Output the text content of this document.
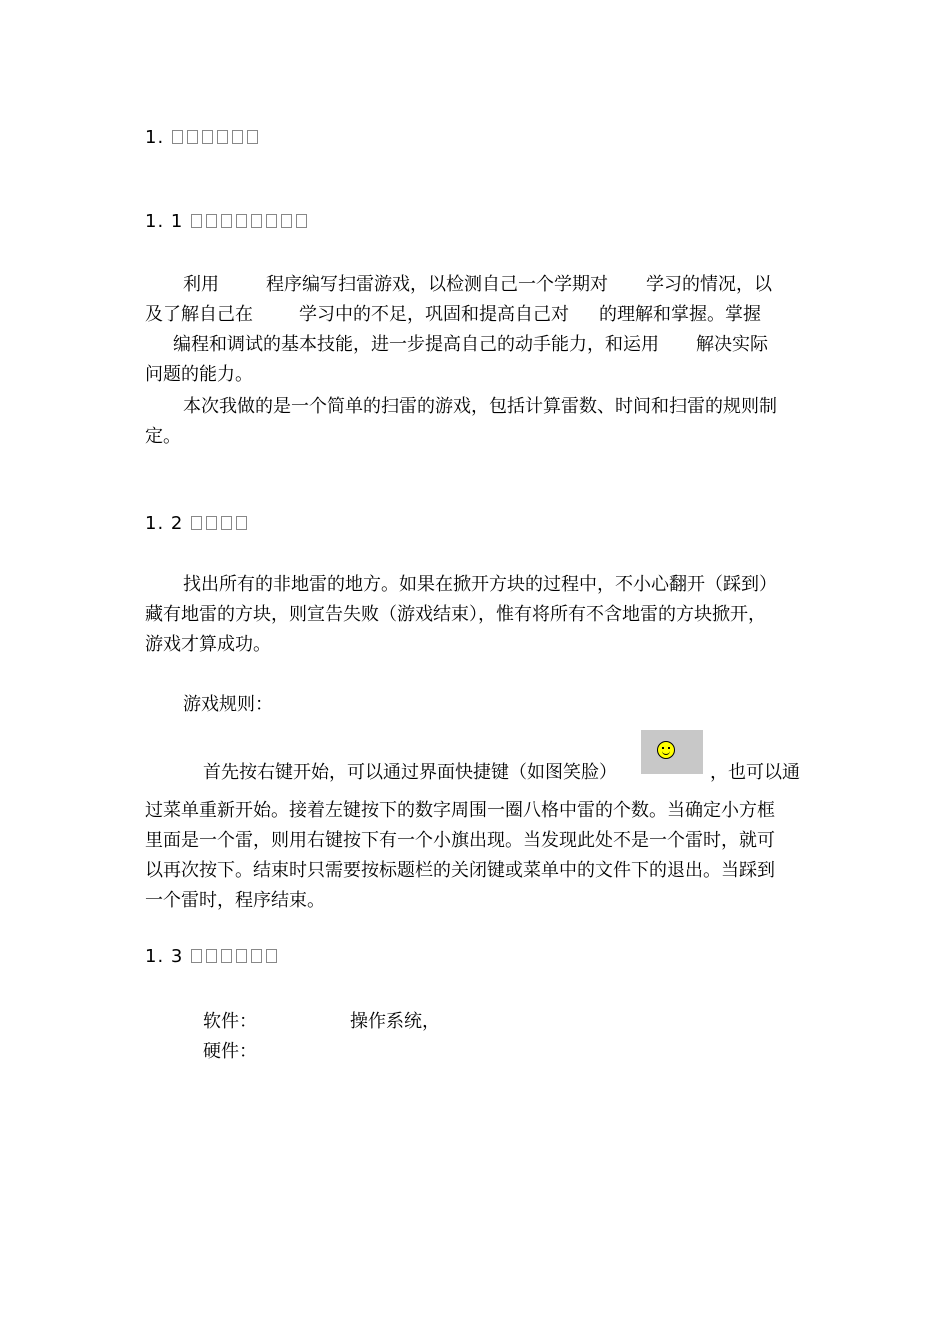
1.
1. 1
利用	程序编写扫雷游戏，以检测自己一个学期对 学习的情况，以
及了解自己在	学习中的不足，巩固和提高自己对 的理解和掌握。掌握
编程和调试的基本技能，进一步提高自己的动手能力，和运用 解决实际
问题的能力。
本次我做的是一个简单的扫雷的游戏，包括计算雷数、时间和扫雷的规则制
定。
1. 2
找出所有的非地雷的地方。如果在掀开方块的过程中，不小心翻开（踩到）
藏有地雷的方块，则宣告失败（游戏结束），惟有将所有不含地雷的方块掀开，
游戏才算成功。
游戏规则：
首先按右键开始，可以通过界面快捷键（如图笑脸）	，也可以通
过菜单重新开始。接着左键按下的数字周围一圈八格中雷的个数。当确定小方框
里面是一个雷，则用右键按下有一个小旗出现。当发现此处不是一个雷时，就可
以再次按下。结束时只需要按标题栏的关闭键或菜单中的文件下的退出。当踩到
一个雷时，程序结束。
1. 3
软件：	操作系统，
硬件：
